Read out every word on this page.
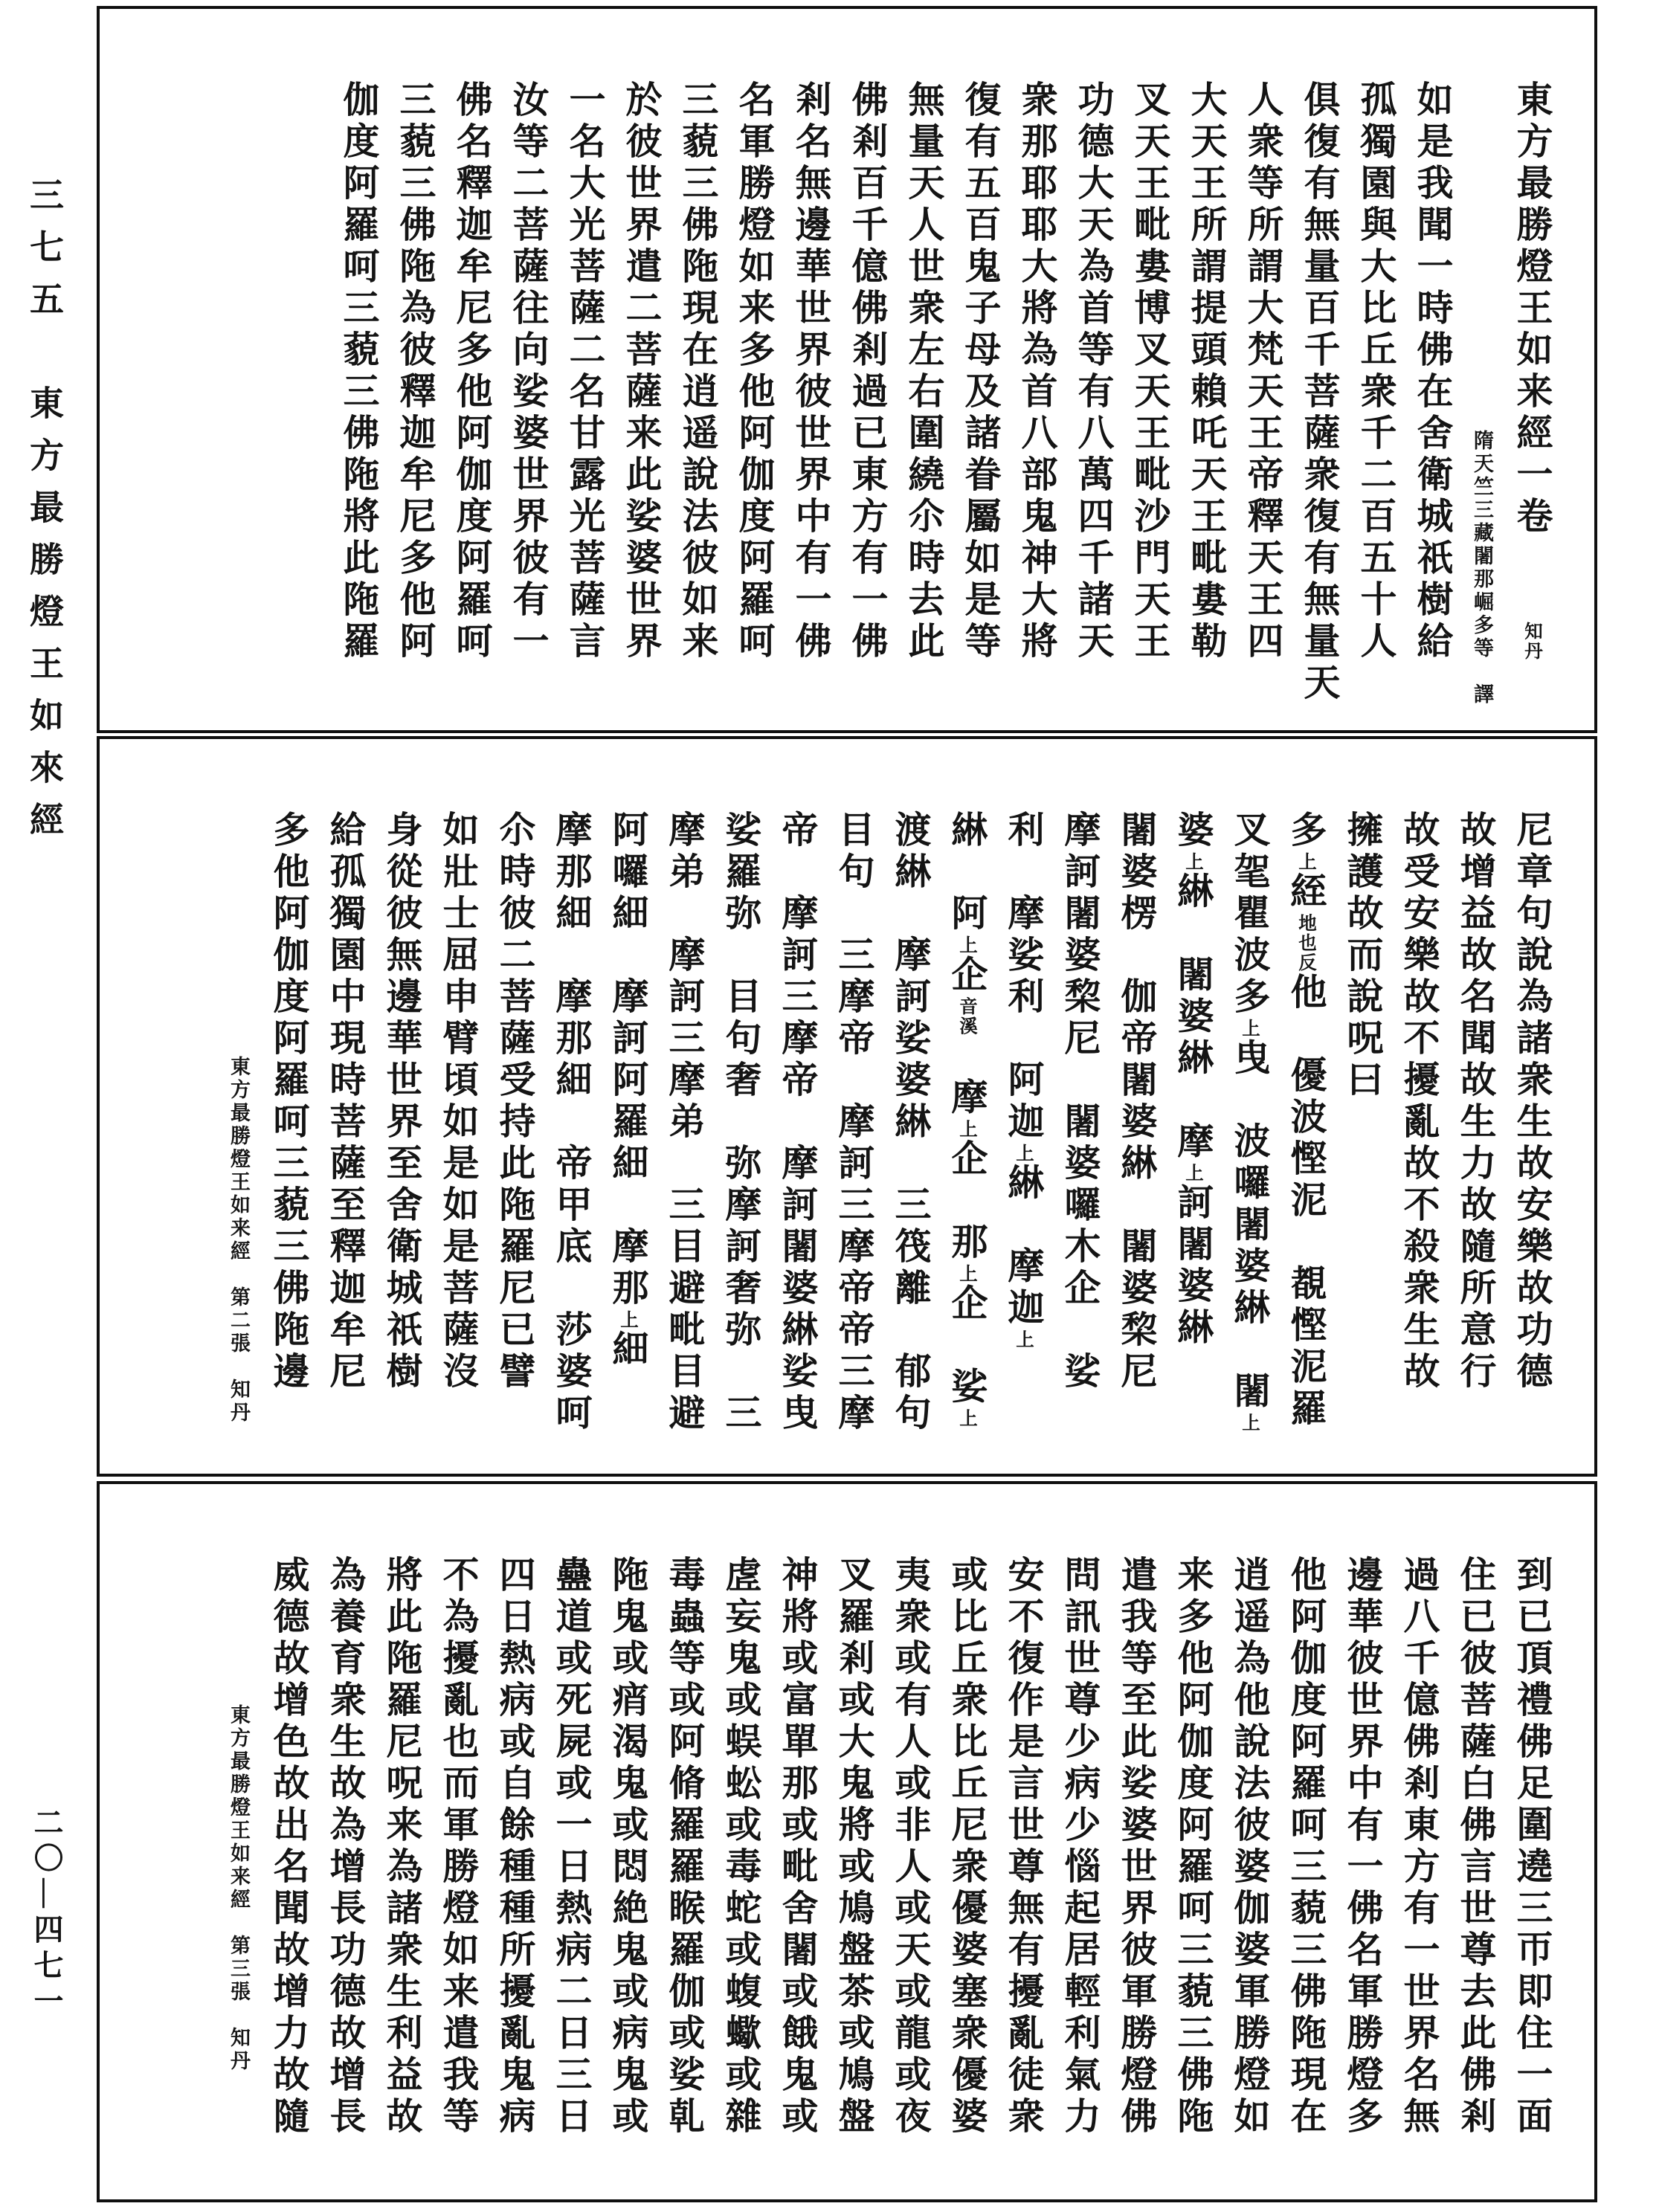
三七五　東方最勝燈王如來經
二〇—四七一
東方最勝燈王如来經一卷　　知丹
隋天竺三藏闍那崛多等　譯
如是我聞一時佛在舍衛城祇樹給
孤獨園與大比丘衆千二百五十人
俱復有無量百千菩薩衆復有無量天
人衆等所謂大梵天王帝釋天王四
大天王所謂提頭賴吒天王毗婁勒
叉天王毗婁博叉天王毗沙門天王
功德大天為首等有八萬四千諸天
衆那耶耶大將為首八部鬼神大將
復有五百鬼子母及諸眷屬如是等
無量天人世衆左右圍繞尒時去此
佛剎百千億佛剎過已東方有一佛
剎名無邊華世界彼世界中有一佛
名軍勝燈如来多他阿伽度阿羅呵
三藐三佛陁現在逍遥說法彼如来
於彼世界遣二菩薩来此娑婆世界
一名大光菩薩二名甘露光菩薩言
汝等二菩薩往向娑婆世界彼有一
佛名釋迦牟尼多他阿伽度阿羅呵
三藐三佛陁為彼釋迦牟尼多他阿
伽度阿羅呵三藐三佛陁將此陁羅
尼章句說為諸衆生故安樂故功德
故增益故名聞故生力故隨所意行
故受安樂故不擾亂故不殺衆生故
擁護故而說呪曰
多上絰地也反他　優波慳泥　覩慳泥羅
叉毠瞿波多上曳　波囉闍婆綝　闍上
婆上綝　闍婆綝　摩上訶闍婆綝
闍婆楞　伽帝闍婆綝　闍婆棃尼
摩訶闍婆棃尼　闍婆囉木企　娑
利　摩娑利　阿迦上綝　摩迦上
綝　阿上企音溪　摩上企　那上企　娑上
渡綝　摩訶娑婆綝　三筏離　郁句
目句　三摩帝　摩訶三摩帝帝三摩
帝　摩訶三摩帝　摩訶闍婆綝娑曳
娑羅弥　目句奢　弥摩訶奢弥　三
摩弟　摩訶三摩弟　三目避毗目避
阿囉細　摩訶阿羅細　摩那上細
摩那細　摩那細　帝甲底　莎婆呵
尒時彼二菩薩受持此陁羅尼已譬
如壯士屈申臂頃如是如是菩薩沒
身從彼無邊華世界至舍衛城祇樹
給孤獨園中現時菩薩至釋迦牟尼
多他阿伽度阿羅呵三藐三佛陁邊
東方最勝燈王如来經　第二張　知丹
到已頂禮佛足圍遶三帀即住一面
住已彼菩薩白佛言世尊去此佛剎
過八千億佛剎東方有一世界名無
邊華彼世界中有一佛名軍勝燈多
他阿伽度阿羅呵三藐三佛陁現在
逍遥為他說法彼婆伽婆軍勝燈如
来多他阿伽度阿羅呵三藐三佛陁
遣我等至此娑婆世界彼軍勝燈佛
問訊世尊少病少惱起居輕利氣力
安不復作是言世尊無有擾亂徒衆
或比丘衆比丘尼衆優婆塞衆優婆
夷衆或有人或非人或天或龍或夜
叉羅剎或大鬼將或鳩盤茶或鳩盤
神將或富單那或毗舍闍或餓鬼或
虗妄鬼或蜈蚣或毒蛇或蝮蠍或雜
毒蟲等或阿脩羅羅睺羅伽或娑乹
陁鬼或痟渴鬼或悶絶鬼或病鬼或
蠱道或死屍或一日熱病二日三日
四日熱病或自餘種種所擾亂鬼病
不為擾亂也而軍勝燈如来遣我等
將此陁羅尼呪来為諸衆生利益故
為養育衆生故為增長功德故增長
威德故增色故出名聞故增力故隨
東方最勝燈王如来經　第三張　知丹
